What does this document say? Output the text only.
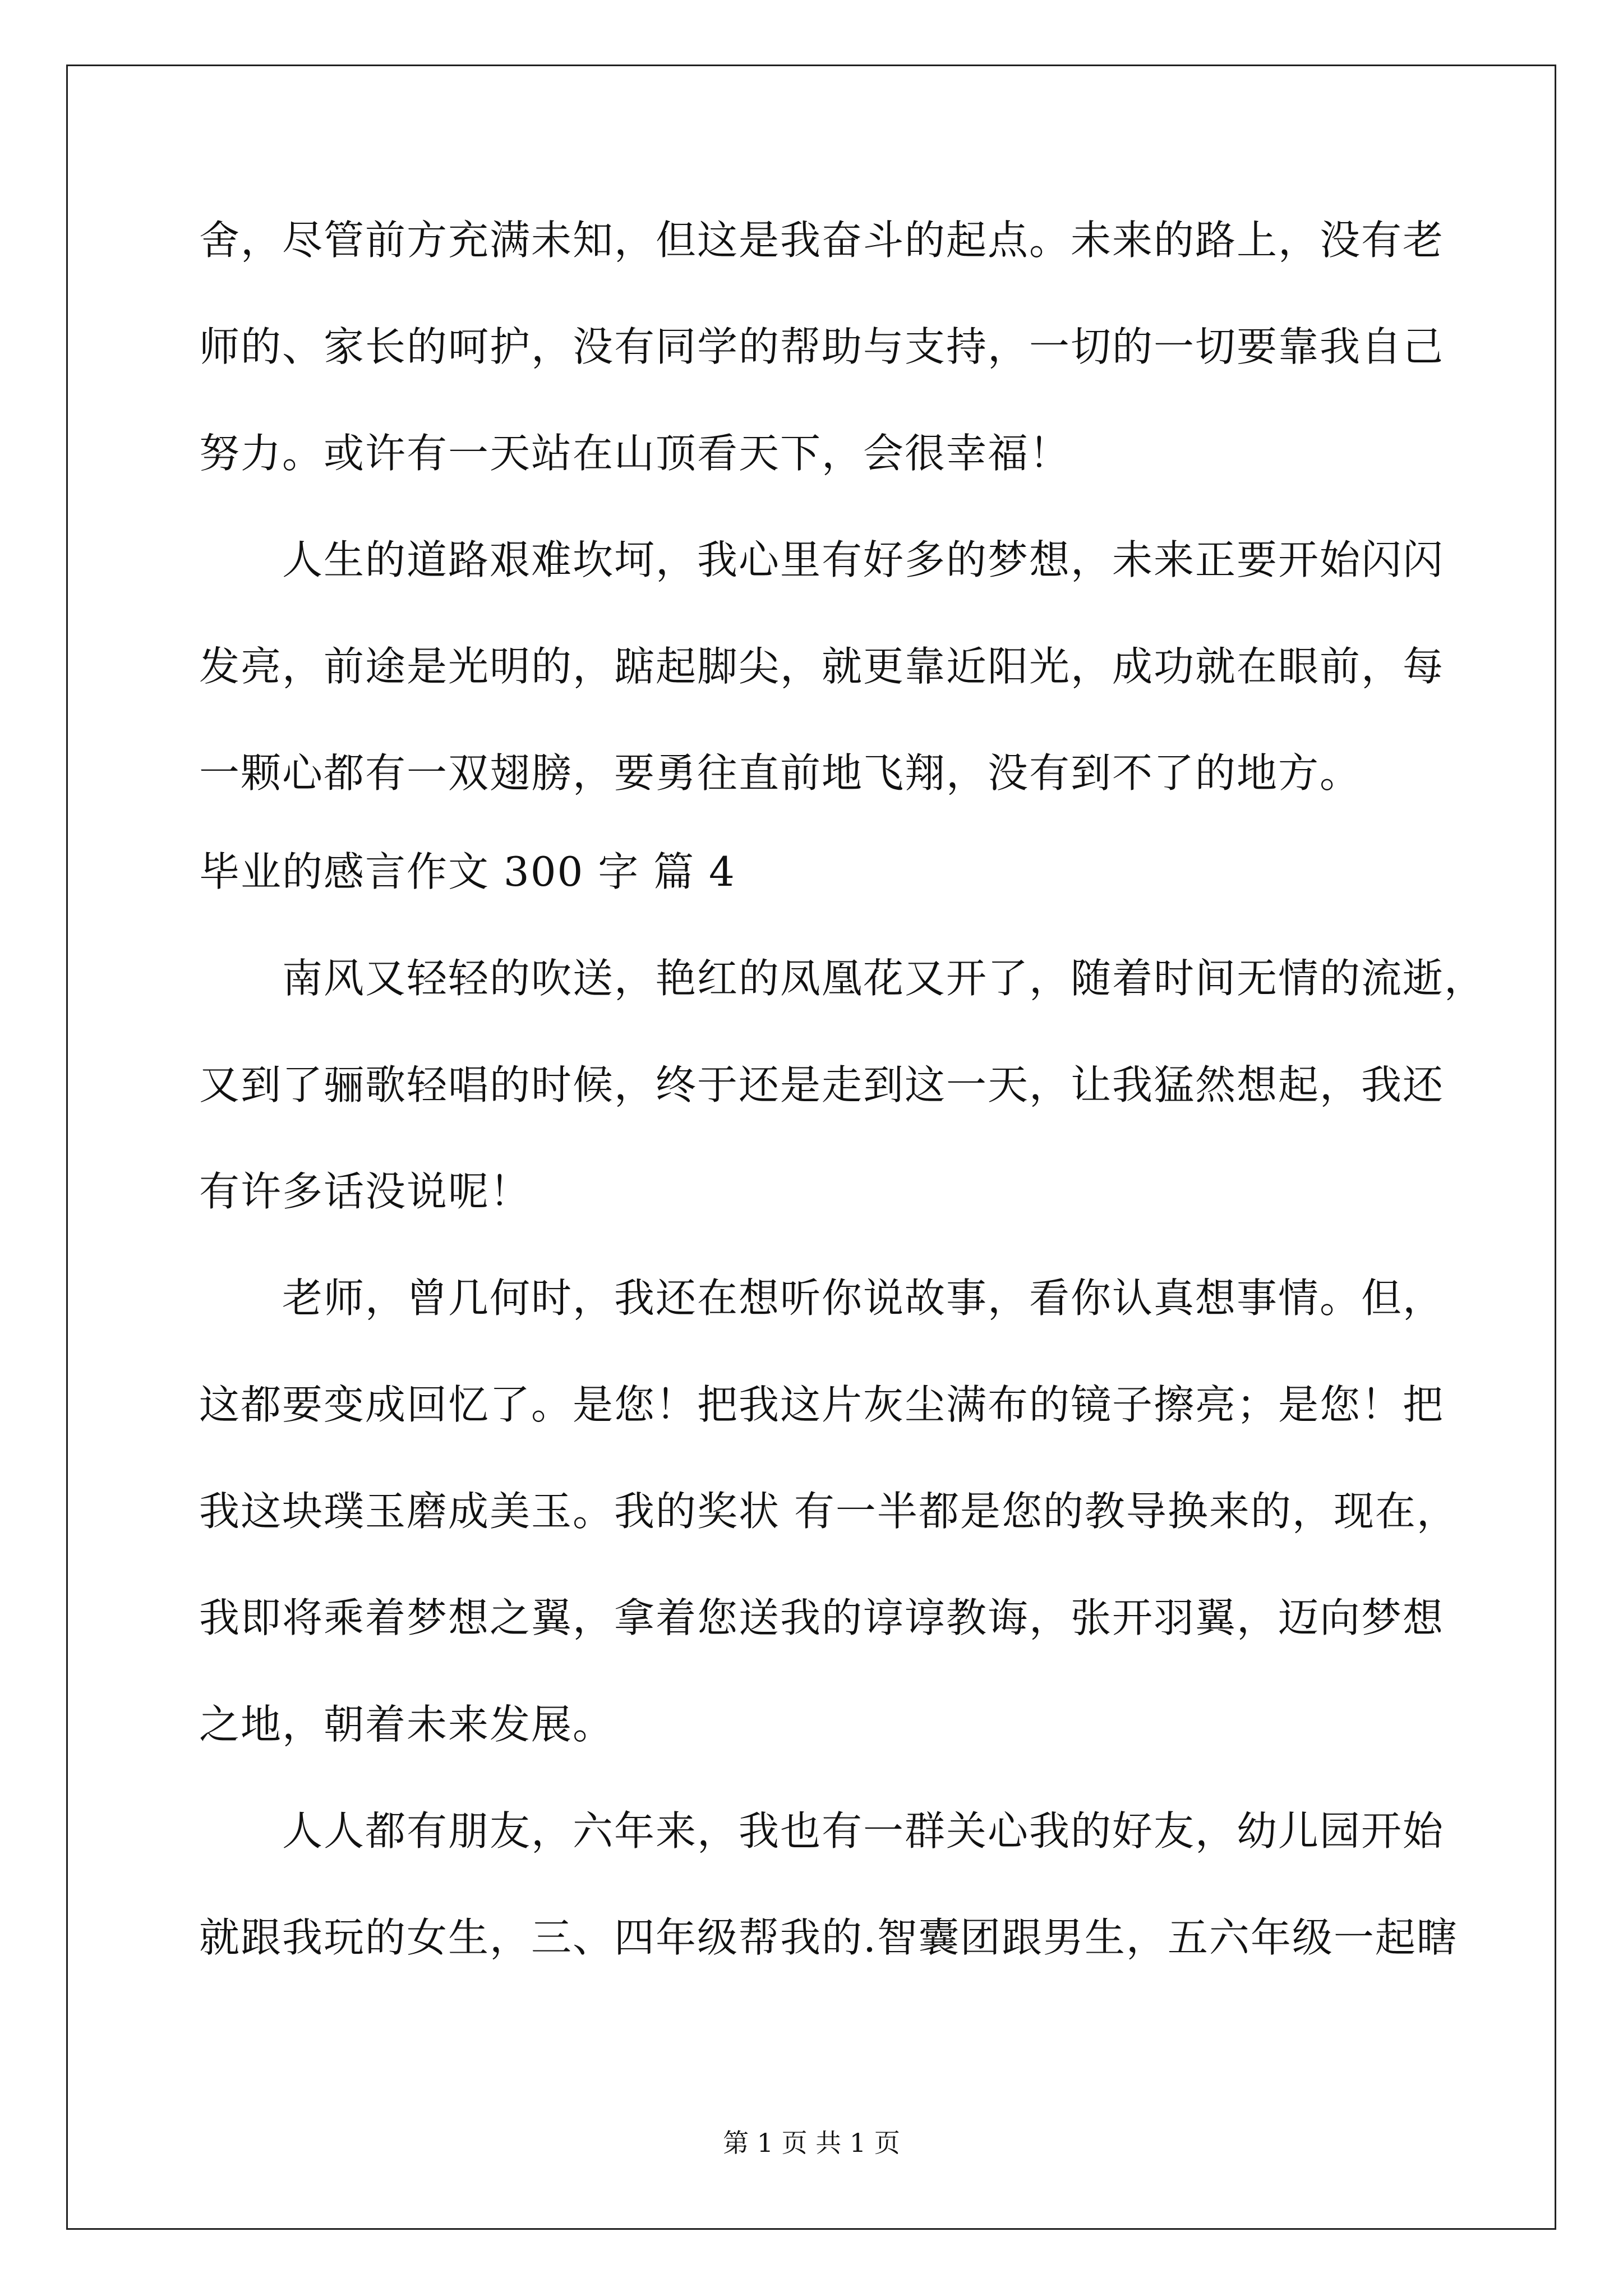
舍，尽管前方充满未知，但这是我奋斗的起点。未来的路上，没有老
师的、家长的呵护，没有同学的帮助与支持，一切的一切要靠我自己
努力。或许有一天站在山顶看天下，会很幸福！
人生的道路艰难坎坷，我心里有好多的梦想，未来正要开始闪闪
发亮，前途是光明的，踮起脚尖，就更靠近阳光，成功就在眼前，每
一颗心都有一双翅膀，要勇往直前地飞翔，没有到不了的地方。
毕业的感言作文 300 字 篇 4
南风又轻轻的吹送，艳红的凤凰花又开了，随着时间无情的流逝，
又到了骊歌轻唱的时候，终于还是走到这一天，让我猛然想起，我还
有许多话没说呢！
老师，曾几何时，我还在想听你说故事，看你认真想事情。但，
这都要变成回忆了。是您！把我这片灰尘满布的镜子擦亮；是您！把
我这块璞玉磨成美玉。我的奖状 有一半都是您的教导换来的，现在，
我即将乘着梦想之翼，拿着您送我的谆谆教诲，张开羽翼，迈向梦想
之地，朝着未来发展。
人人都有朋友，六年来，我也有一群关心我的好友，幼儿园开始
就跟我玩的女生，三、四年级帮我的.智囊团跟男生，五六年级一起瞎
第 1 页 共 1 页
